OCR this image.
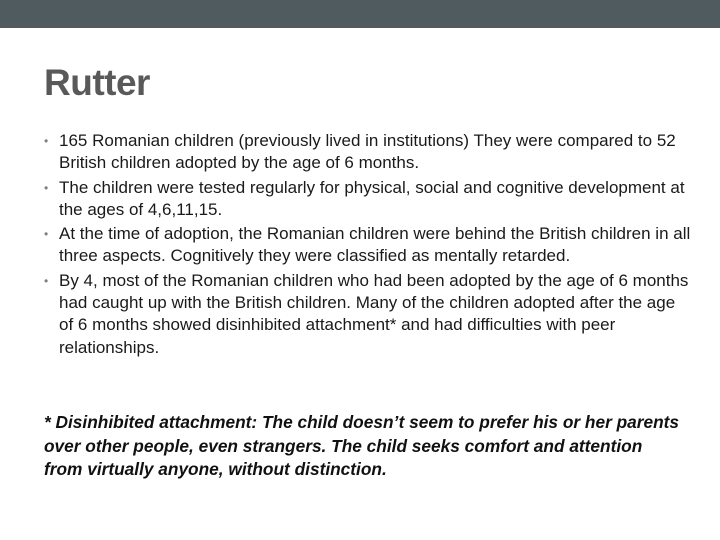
Rutter
• 165 Romanian children (previously lived in institutions) They were compared to 52 British children adopted by the age of 6 months.
• The children were tested regularly for physical, social and cognitive development at the ages of 4,6,11,15.
• At the time of adoption, the Romanian children were behind the British children in all three aspects. Cognitively they were classified as mentally retarded.
• By 4, most of the Romanian children who had been adopted by the age of 6 months had caught up with the British children. Many of the children adopted after the age of 6 months showed disinhibited attachment* and had difficulties with peer relationships.

* Disinhibited attachment: The child doesn’t seem to prefer his or her parents over other people, even strangers. The child seeks comfort and attention from virtually anyone, without distinction.
